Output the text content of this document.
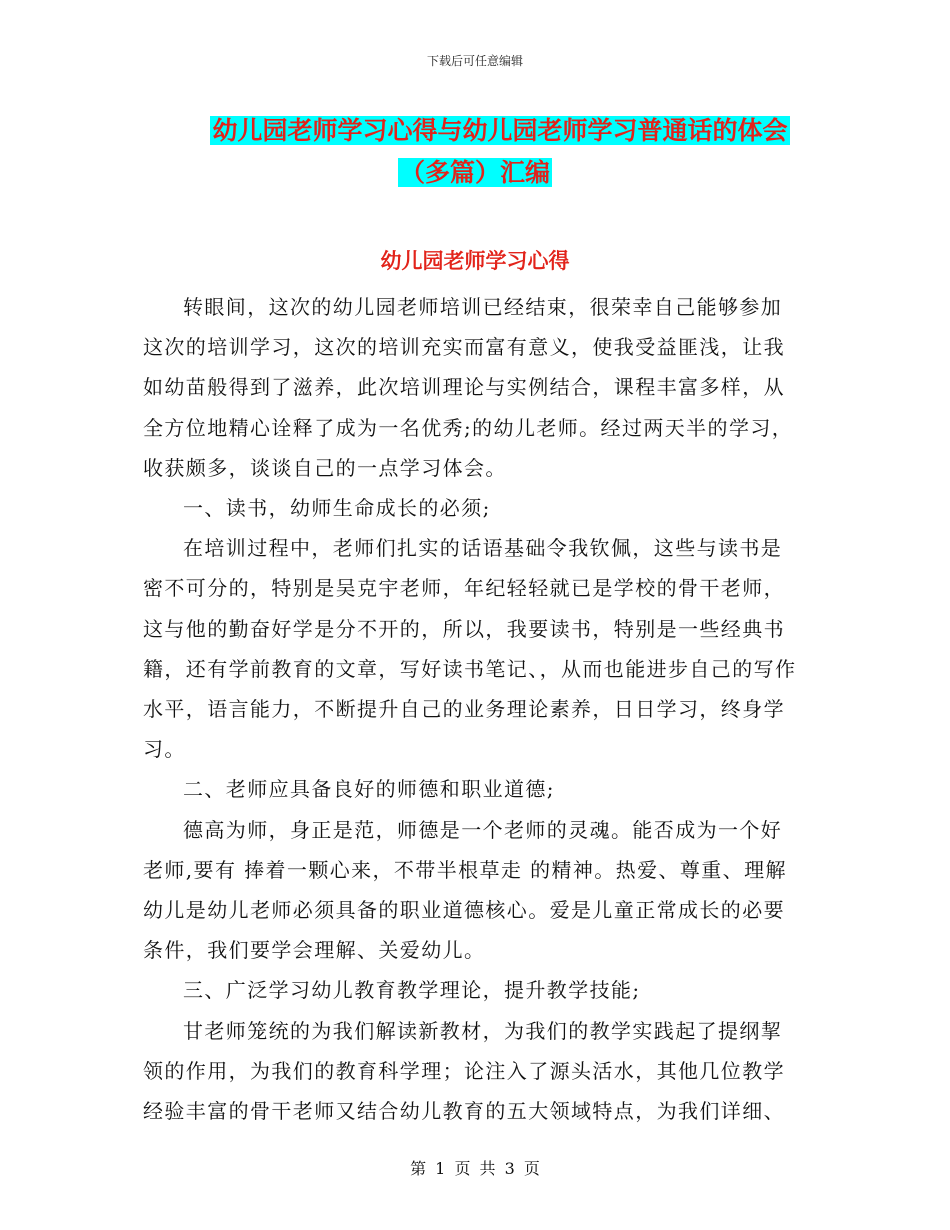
下载后可任意编辑
幼儿园老师学习心得与幼儿园老师学习普通话的体会
（多篇）汇编
幼儿园老师学习心得

转眼间，这次的幼儿园老师培训已经结束，很荣幸自己能够参加这次的培训学习，这次的培训充实而富有意义，使我受益匪浅，让我如幼苗般得到了滋养，此次培训理论与实例结合，课程丰富多样，从全方位地精心诠释了成为一名优秀;的幼儿老师。经过两天半的学习，收获颇多，谈谈自己的一点学习体会。

一、读书，幼师生命成长的必须;

在培训过程中，老师们扎实的话语基础令我钦佩，这些与读书是密不可分的，特别是吴克宇老师，年纪轻轻就已是学校的骨干老师，这与他的勤奋好学是分不开的，所以，我要读书，特别是一些经典书籍，还有学前教育的文章，写好读书笔记、，从而也能进步自己的写作水平，语言能力，不断提升自己的业务理论素养，日日学习，终身学习。

二、老师应具备良好的师德和职业道德;

德高为师，身正是范，师德是一个老师的灵魂。能否成为一个好老师,要有 捧着一颗心来，不带半根草走 的精神。热爱、尊重、理解幼儿是幼儿老师必须具备的职业道德核心。爱是儿童正常成长的必要条件，我们要学会理解、关爱幼儿。

三、广泛学习幼儿教育教学理论，提升教学技能;

甘老师笼统的为我们解读新教材，为我们的教学实践起了提纲挈领的作用，为我们的教育科学理；论注入了源头活水，其他几位教学经验丰富的骨干老师又结合幼儿教育的五大领域特点，为我们详细、

第 1 页 共 3 页
